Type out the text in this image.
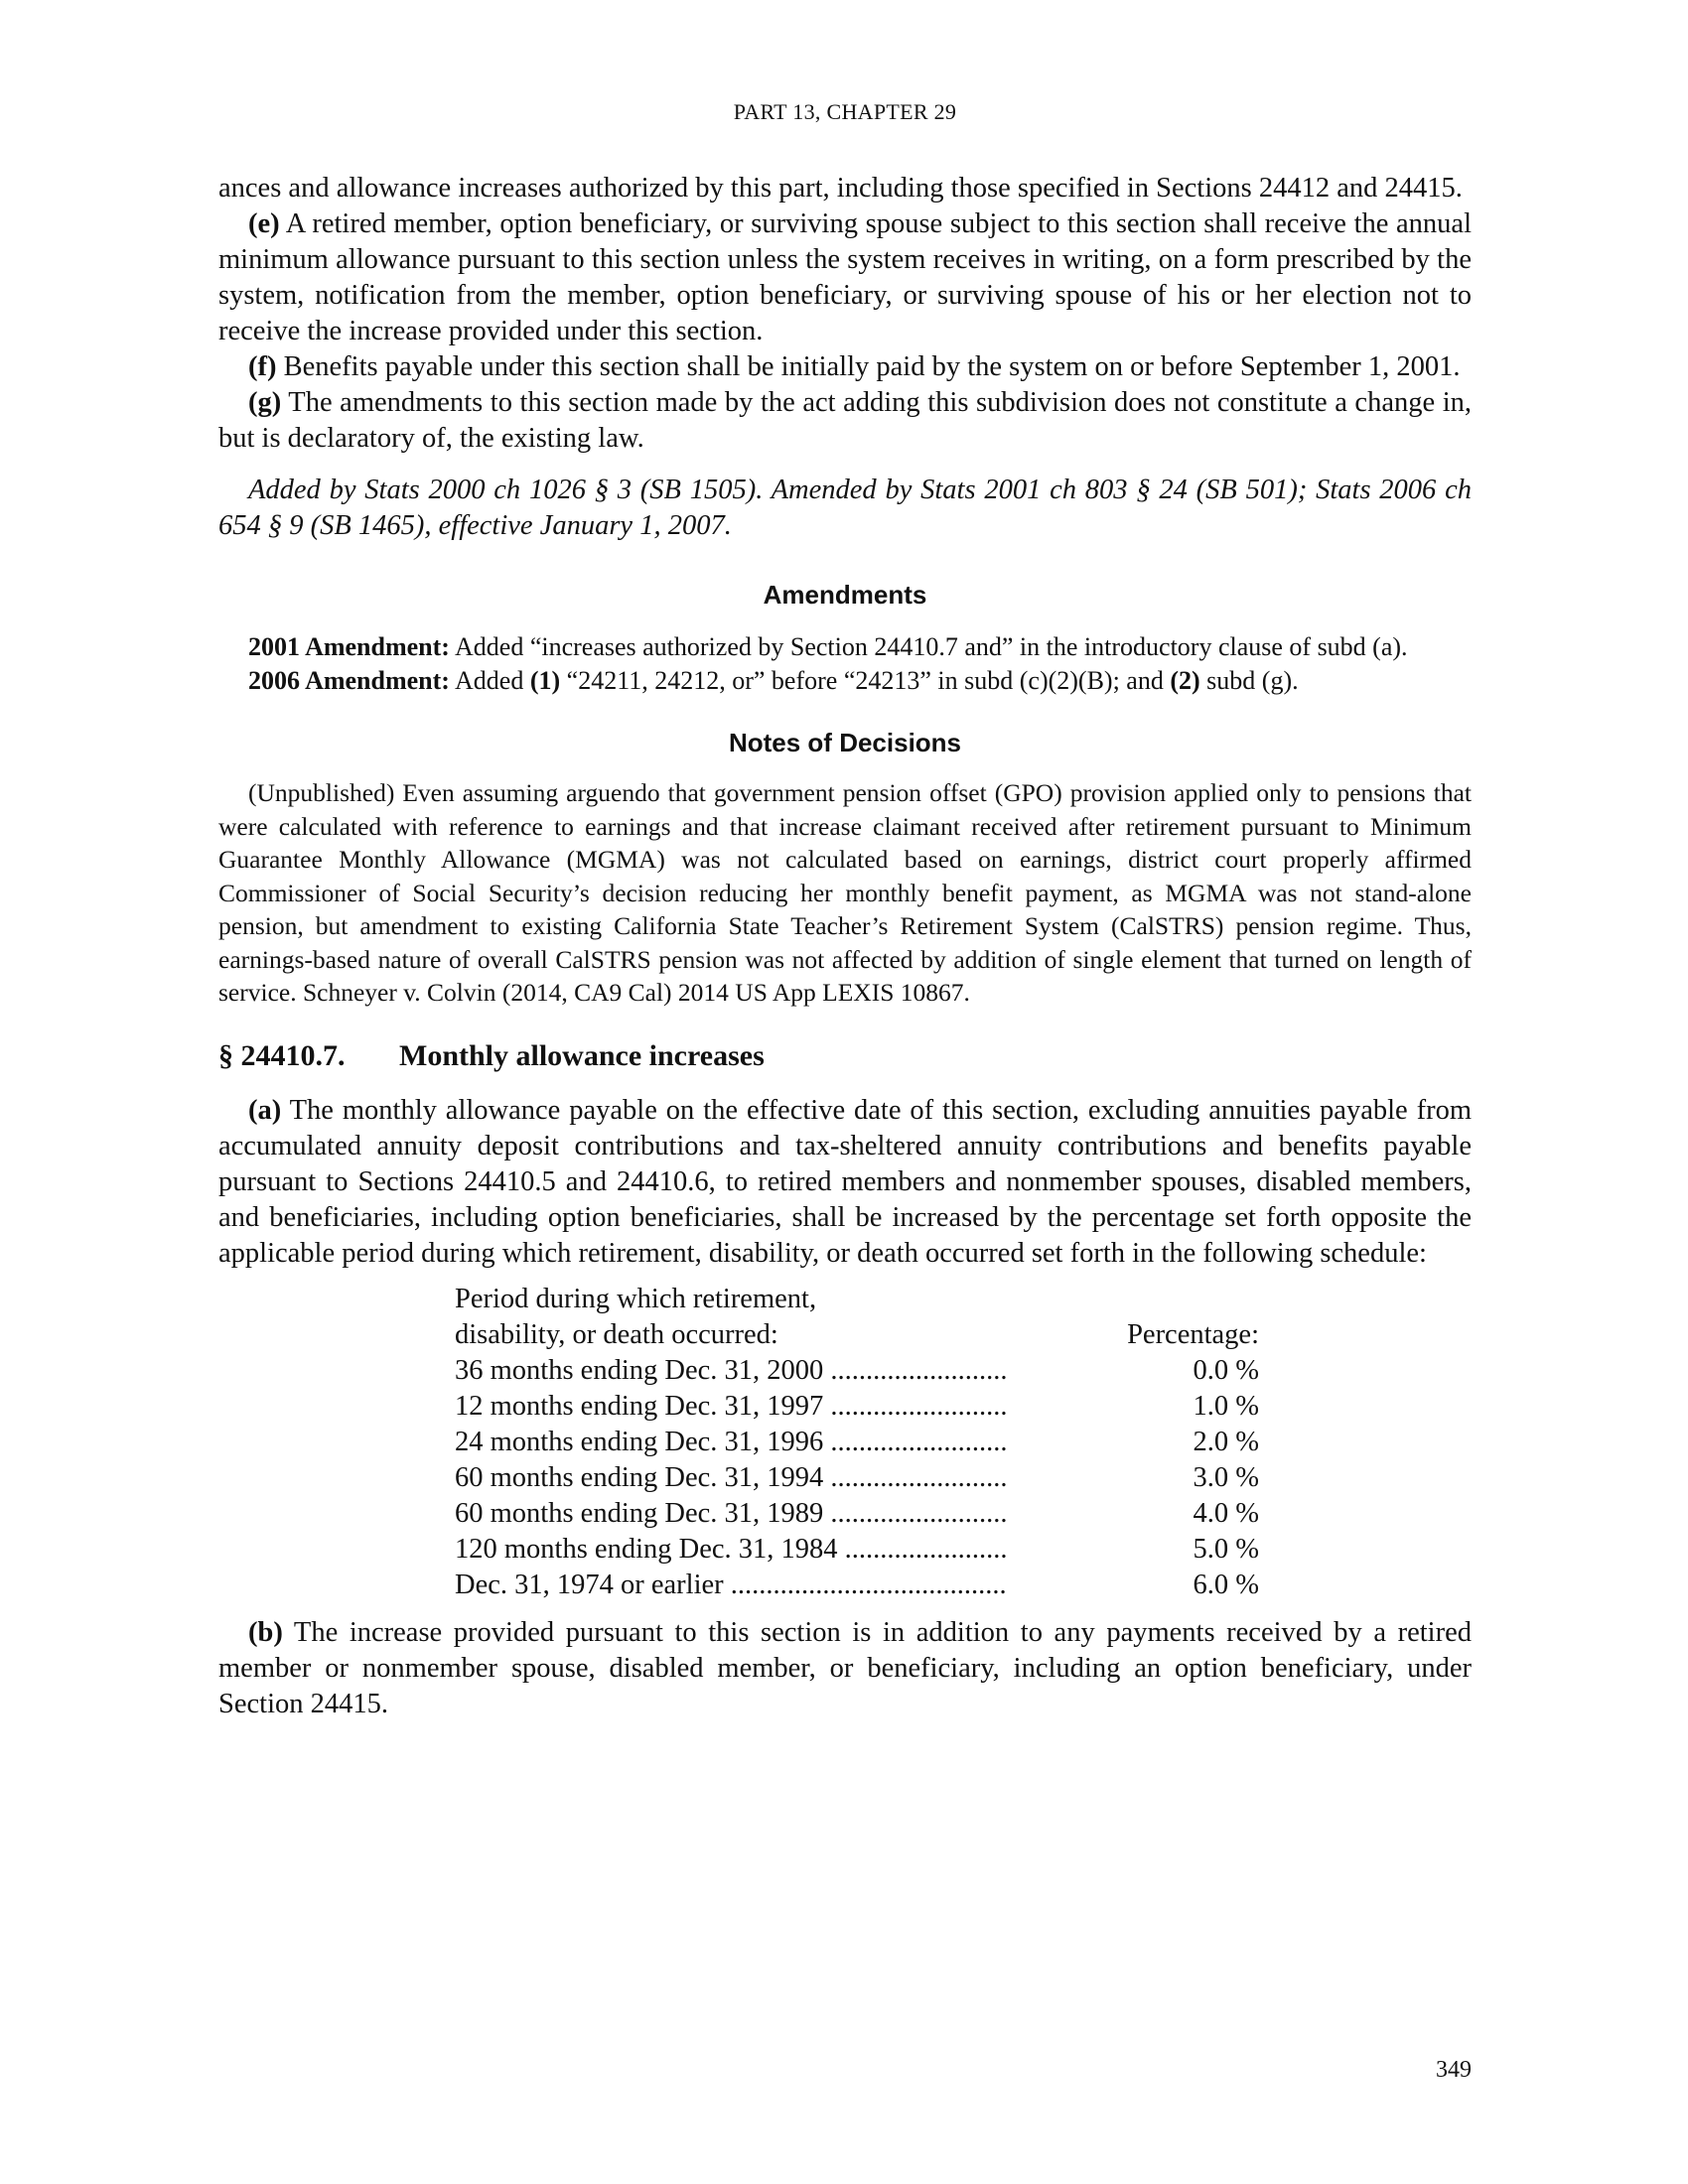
PART 13, CHAPTER 29

ances and allowance increases authorized by this part, including those specified in Sections 24412 and 24415.

(e) A retired member, option beneficiary, or surviving spouse subject to this section shall receive the annual minimum allowance pursuant to this section unless the system receives in writing, on a form prescribed by the system, notification from the member, option beneficiary, or surviving spouse of his or her election not to receive the increase provided under this section.

(f) Benefits payable under this section shall be initially paid by the system on or before September 1, 2001.

(g) The amendments to this section made by the act adding this subdivision does not constitute a change in, but is declaratory of, the existing law.

Added by Stats 2000 ch 1026 § 3 (SB 1505). Amended by Stats 2001 ch 803 § 24 (SB 501); Stats 2006 ch 654 § 9 (SB 1465), effective January 1, 2007.

Amendments

2001 Amendment: Added “increases authorized by Section 24410.7 and” in the introductory clause of subd (a).

2006 Amendment: Added (1) “24211, 24212, or” before “24213” in subd (c)(2)(B); and (2) subd (g).

Notes of Decisions

(Unpublished) Even assuming arguendo that government pension offset (GPO) provision applied only to pensions that were calculated with reference to earnings and that increase claimant received after retirement pursuant to Minimum Guarantee Monthly Allowance (MGMA) was not calculated based on earnings, district court properly affirmed Commissioner of Social Security’s decision reducing her monthly benefit payment, as MGMA was not stand-alone pension, but amendment to existing California State Teacher’s Retirement System (CalSTRS) pension regime. Thus, earnings-based nature of overall CalSTRS pension was not affected by addition of single element that turned on length of service. Schneyer v. Colvin (2014, CA9 Cal) 2014 US App LEXIS 10867.

§ 24410.7. Monthly allowance increases

(a) The monthly allowance payable on the effective date of this section, excluding annuities payable from accumulated annuity deposit contributions and tax-sheltered annuity contributions and benefits payable pursuant to Sections 24410.5 and 24410.6, to retired members and nonmember spouses, disabled members, and beneficiaries, including option beneficiaries, shall be increased by the percentage set forth opposite the applicable period during which retirement, disability, or death occurred set forth in the following schedule:

Period during which retirement,
disability, or death occurred:	Percentage:
36 months ending Dec. 31, 2000 .........................	0.0 %
12 months ending Dec. 31, 1997 .........................	1.0 %
24 months ending Dec. 31, 1996 .........................	2.0 %
60 months ending Dec. 31, 1994 .........................	3.0 %
60 months ending Dec. 31, 1989 .........................	4.0 %
120 months ending Dec. 31, 1984 .......................	5.0 %
Dec. 31, 1974 or earlier .......................................	6.0 %

(b) The increase provided pursuant to this section is in addition to any payments received by a retired member or nonmember spouse, disabled member, or beneficiary, including an option beneficiary, under Section 24415.

349
